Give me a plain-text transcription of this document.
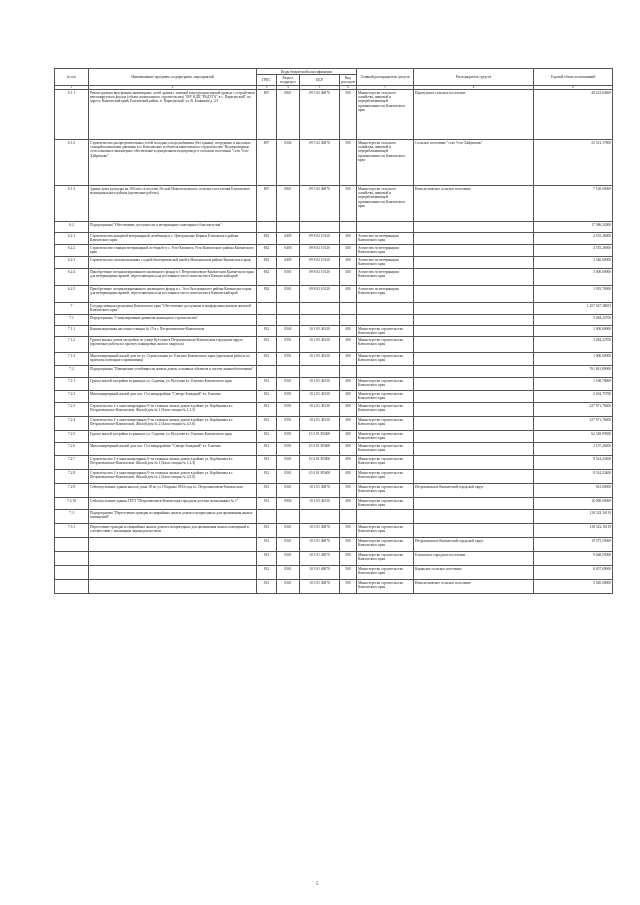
№ п/п	Наименование программ, подпрограмм, мероприятий	Коды бюджетной классификации				Главный распорядитель средств	Распорядитель средств	Годовой объем ассигнований
		ГРБС	Раздел, подраздел	ЦСР	Вид расходов			
1	2	3	4	5	6	7	8	9
6.1.1	Реконструкция внутренних инженерных сетей здания с заменой конструкции мягкой кровли с устройством вентилируемого фасада (объект капитального строительства) "МУ КДЦ "РАДУГА" в с. Паратунский" по адресу: Камчатский край, Елизовский район, п. Паратунский, ул. В. Бонинова д. 2/1	807	0801	09 5 02 40070	500	Министерство сельского хозяйства, пищевой и перерабатывающей промышленности Камчатского края	Паратунское сельское поселение	48 223,64000
6.1.2	Строительство распределительных сетей холодного водоснабжения (без здания), погружные и насосных станций повышения давления в п. Ключевские и объекты капитального строительства "Водопроводные сети и внешнее инженерное обеспечение в центральном водопроводе в сельском поселении "село Усть-Хайрюзово"	807	0502	09 5 02 40070	500	Министерство сельского хозяйства, пищевой и перерабатывающей промышленности Камчатского края	Сельское поселение "село Усть-Хайрюзово"	23 513,17000
6.1.3	Здание дома культуры на 100 мест в поселке Лесной Новолесновского сельского поселения Елизовского муниципального района (проектные работы)	807	0801	09 5 02 40070	500	Министерство сельского хозяйства, пищевой и перерабатывающей промышленности Камчатского края	Новолесновское сельское поселение	7 120,00000
6.2	Подпрограмма "Обеспечение доступности и ветеринарно-санитарного благополучия"							17 386,22000
6.2.1	Строительство концевой ветеринарной лечебницы в с. Центральные Коряки Елизовского района Камчатского края	832	0405	09 8 02 10120	400	Агентство по ветеринарии Камчатского края		4 555,26000
6.2.2	Строительство станции ветеринарной по-борьбе в с. Усть-Камчатск Усть-Камчатского района Камчатского края	832	0405	09 8 02 10120	400	Агентство по ветеринарии Камчатского края		4 555,26000
6.2.3	Строительство скотомогильника с одной биотермической ямой в Мильковском районе Камчатского края	832	0405	09 8 02 10120	400	Агентство по ветеринарии Камчатского края		3 340,00000
6.2.4	Приобретение специализированного жилищного фонда в г. Петропавловске-Камчатском Камчатского края для ветеринарных врачей, переселяющихся на постоянное место жительства в Камчатский край	832	0501	09 8 02 10120	400	Агентство по ветеринарии Камчатского края		3 000,00000
6.2.5	Приобретение специализированного жилищного фонда в с. Эссо Быстринского района Камчатского края для ветеринарных врачей, переселяющихся на постоянное место жительства в Камчатский край	832	0501	09 8 02 10120	400	Агентство по ветеринарии Камчатского края		1 935,70000
7	Государственная программа Камчатского края "Обеспечение доступным и комфортным жильем жителей Камчатского края"							1 257 547,38653
7.1	Подпрограмма "Стимулирование развития жилищного строительства"							5 484,22700
7.1.1	Канализационная насосная станция № 15 в г. Петропавловске-Камчатском	812	0502	10 1 05 40120	400	Министерство строительства Камчатского края		1 000,00000
7.1.2	Группа жилых домов застройки по улице Кутузова в Петропавловске-Камчатском городском округе (проектные работы по проекту планировки жилого квартала)	812	0501	10 1 05 40120	400	Министерство строительства Камчатского края		3 484,22700
7.1.3	Многоквартирный жилой дом по ул. Строительная в г. Елизово Камчатского края (проектные работы по проектам повторного применения)	812	0501	10 1 05 40120	400	Министерство строительства Камчатского края		1 000,00000
7.2	Подпрограмма "Повышение устойчивости жилых домов, основных объектов и систем жизнеобеспечения"							761 841,89000
7.2.1	Группа жилой застройки в границах ул. Садовая, ул. Кутузова в г. Елизово Камчатского края	812	0501	10 2 01 40130	400	Министерство строительства Камчатского края		1 168,70000
7.2.2	Многоквартирный жилой дом поз. 13 в микрорайоне "Северо-Западный" в г. Елизово	812	0501	10 2 01 40130	400	Министерство строительства Камчатского края		5 504,75700
7.2.3	Строительство 2-х многоквартирных 9-ти этажных жилых домов в районе ул. Карбышева в г. Петропавловске-Камчатском. Жилой дом № 1 (Блок-секция № 1,2,3)	812	0501	10 2 01 40130	400	Министерство строительства Камчатского края		327 971,76600
7.2.4	Строительство 2-х многоквартирных 9-ти этажных жилых домов в районе ул. Карбышева в г. Петропавловске-Камчатском. Жилой дом № 2 (Блок-секция № 4,5,6)	812	0501	10 2 01 40130	400	Министерство строительства Камчатского края		327 971,76600
7.2.5	Группа жилой застройки в границах ул. Садовая, ул. Кутузова в г. Елизово Камчатского края	812	0501	10 2 01 R5400	400	Министерство строительства Камчатского края		62 329,99500
7.2.6	Многоквартирный жилой дом поз. 13 в микрорайоне "Северо-Западный" в г. Елизово	812	0501	10 2 01 R5400	400	Министерство строительства Камчатского края		2 107,26200
7.2.7	Строительство 2-х многоквартирных 9-ти этажных жилых домов в районе ул. Карбышева в г. Петропавловске-Камчатском. Жилой дом № 1 (Блок-секция № 1,2,3)	812	0501	10 2 01 R5400	400	Министерство строительства Камчатского края		8 524,23400
7.2.8	Строительство 2-х многоквартирных 9-ти этажных жилых домов в районе ул. Карбышева в г. Петропавловске-Камчатском. Жилой дом № 2 (Блок-секция № 4,5,6)	812	0501	10 2 01 R5400	400	Министерство строительства Камчатского края		8 524,23400
7.2.9	Сейсмоусиление здания жилого дома 18 по ул. Обороны 1854 года в г. Петропавловске-Камчатском	812	0501	10 2 01 40070	500	Министерство строительства Камчатского края	Петропавловск-Камчатский городской округ	941,00000
7.2.10	Сейсмоусиление здания ГБУЗ "Петропавловск-Камчатская городская детская поликлиника № 1"	812	0902	10 2 03 40130	400	Министерство строительства Камчатского края		16 000,00000
7.3	Подпрограмма "Переселение граждан из аварийных жилых домов и непригодных для проживания жилых помещений"							218 322,16119
7.3.1	Переселение граждан из аварийных жилых домов и непригодных для проживания жилых помещений в соответствии с жилищным законодательством	812	0501	10 3 01 40070	500	Министерство строительства Камчатского края		218 322,16119
		812	0501	10 3 01 40070	500	Министерство строительства Камчатского края	Петропавловск-Камчатский городской округ	19 375,55000
		812	0501	10 3 01 40070	500	Министерство строительства Камчатского края	Елизовское городское поселение	9 468,55000
		812	0501	10 3 01 40070	500	Министерство строительства Камчатского края	Корякское сельское поселение	6 457,00000
		812	0501	10 3 01 40070	500	Министерство строительства Камчатского края	Новолесновское сельское поселение	5 020,00000
5
